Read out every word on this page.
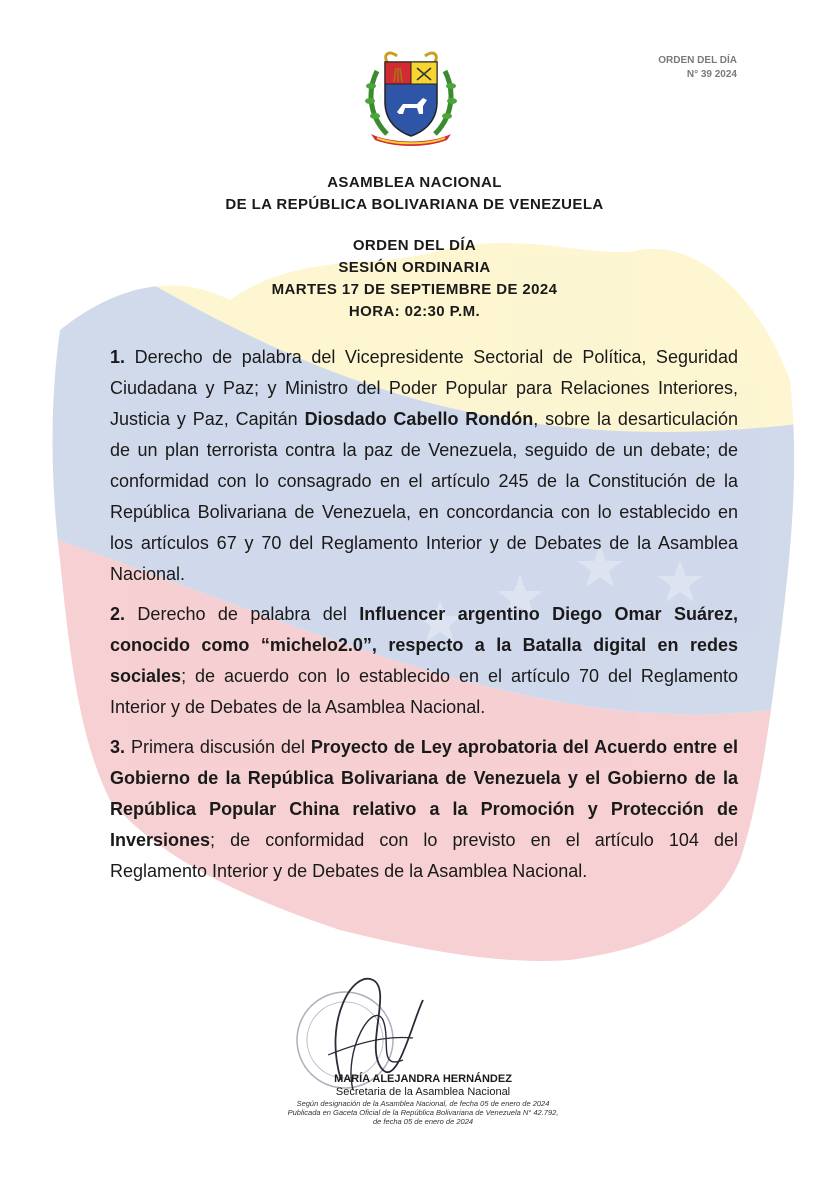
ORDEN DEL DÍA
N° 39 2024
ASAMBLEA NACIONAL
DE LA REPÚBLICA BOLIVARIANA DE VENEZUELA
ORDEN DEL DÍA
SESIÓN ORDINARIA
MARTES 17 DE SEPTIEMBRE DE 2024
HORA: 02:30 P.M.

1. Derecho de palabra del Vicepresidente Sectorial de Política, Seguridad Ciudadana y Paz; y Ministro del Poder Popular para Relaciones Interiores, Justicia y Paz, Capitán Diosdado Cabello Rondón, sobre la desarticulación de un plan terrorista contra la paz de Venezuela, seguido de un debate; de conformidad con lo consagrado en el artículo 245 de la Constitución de la República Bolivariana de Venezuela, en concordancia con lo establecido en los artículos 67 y 70 del Reglamento Interior y de Debates de la Asamblea Nacional.

2. Derecho de palabra del Influencer argentino Diego Omar Suárez, conocido como “michelo2.0”, respecto a la Batalla digital en redes sociales; de acuerdo con lo establecido en el artículo 70 del Reglamento Interior y de Debates de la Asamblea Nacional.

3. Primera discusión del Proyecto de Ley aprobatoria del Acuerdo entre el Gobierno de la República Bolivariana de Venezuela y el Gobierno de la República Popular China relativo a la Promoción y Protección de Inversiones; de conformidad con lo previsto en el artículo 104 del Reglamento Interior y de Debates de la Asamblea Nacional.

MARÍA ALEJANDRA HERNÁNDEZ
Secretaria de la Asamblea Nacional
Según designación de la Asamblea Nacional, de fecha 05 de enero de 2024
Publicada en Gaceta Oficial de la República Bolivariana de Venezuela N° 42.792,
de fecha 05 de enero de 2024
